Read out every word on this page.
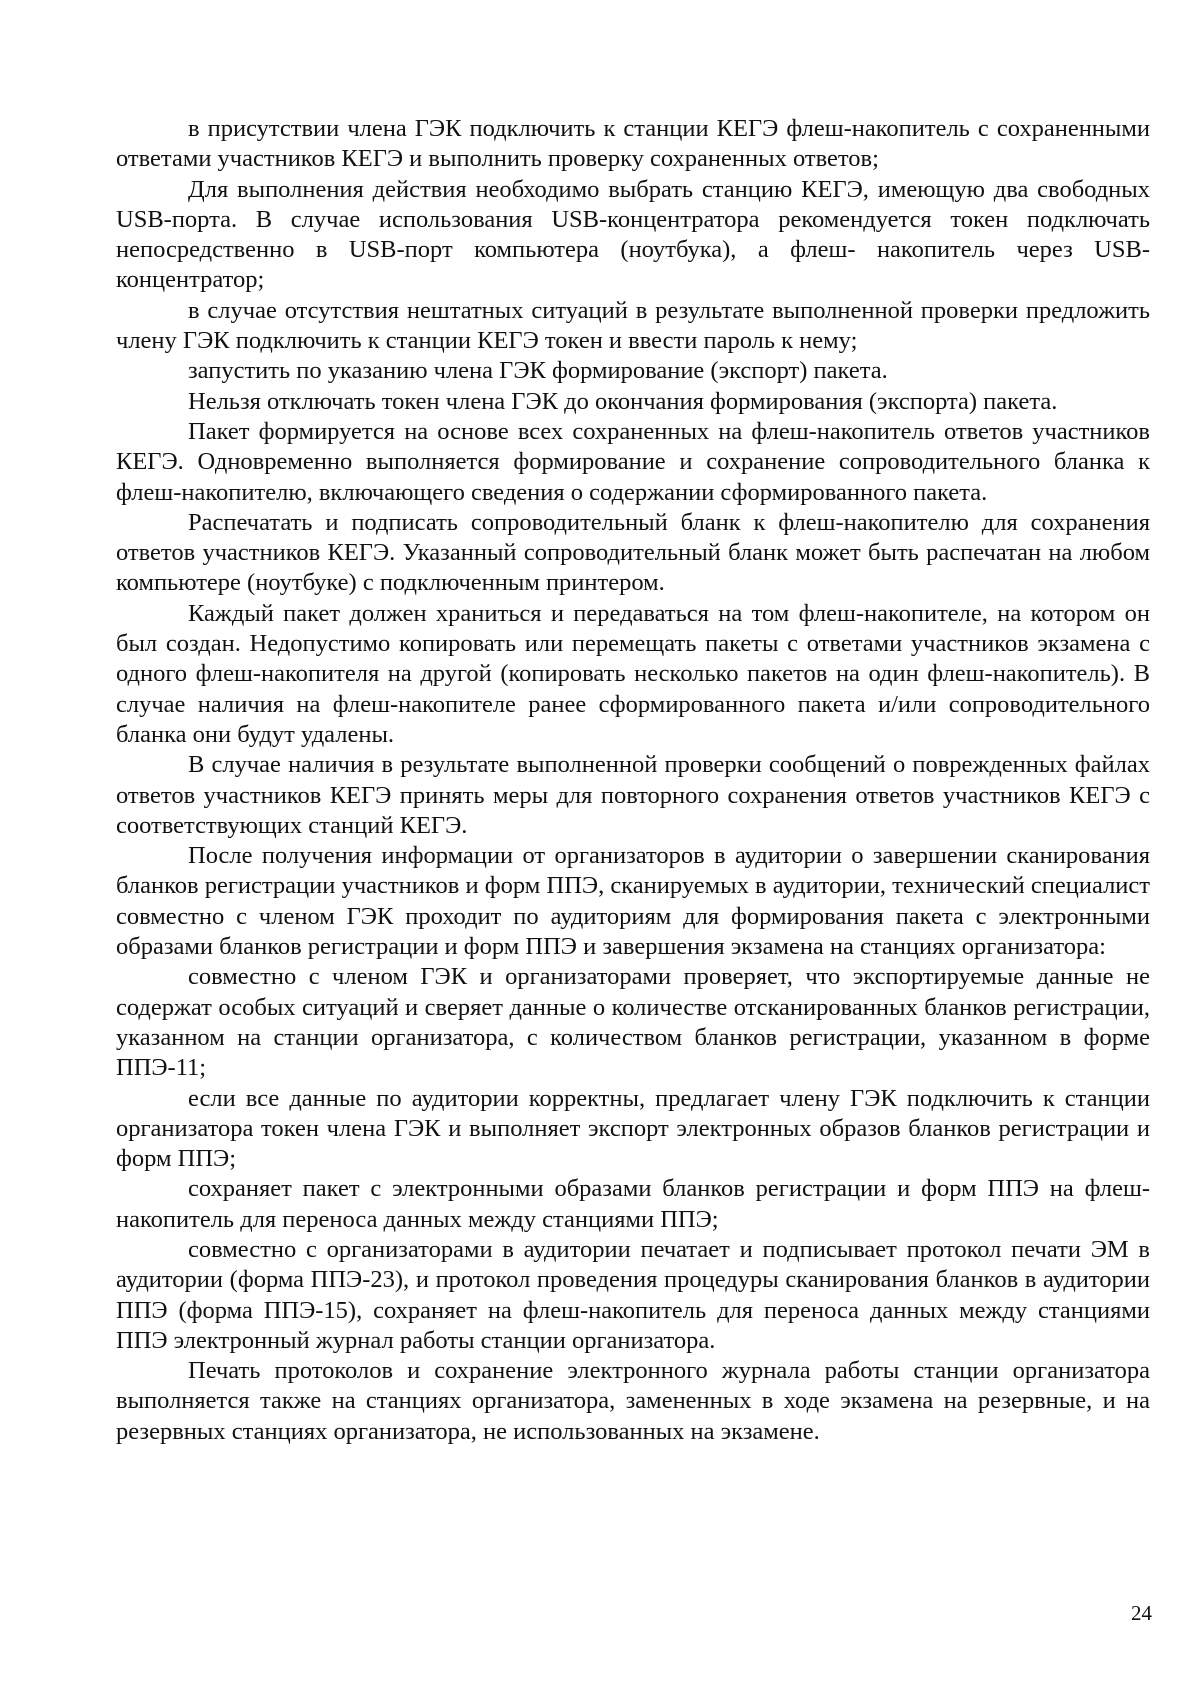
в присутствии члена ГЭК подключить к станции КЕГЭ флеш-накопитель с сохраненными ответами участников КЕГЭ и выполнить проверку сохраненных ответов;

Для выполнения действия необходимо выбрать станцию КЕГЭ, имеющую два свободных USB-порта. В случае использования USB-концентратора рекомендуется токен подключать непосредственно в USB-порт компьютера (ноутбука), а флеш- накопитель через USB-концентратор;

в случае отсутствия нештатных ситуаций в результате выполненной проверки предложить члену ГЭК подключить к станции КЕГЭ токен и ввести пароль к нему;

запустить по указанию члена ГЭК формирование (экспорт) пакета.

Нельзя отключать токен члена ГЭК до окончания формирования (экспорта) пакета.

Пакет формируется на основе всех сохраненных на флеш-накопитель ответов участников КЕГЭ. Одновременно выполняется формирование и сохранение сопроводительного бланка к флеш-накопителю, включающего сведения о содержании сформированного пакета.

Распечатать и подписать сопроводительный бланк к флеш-накопителю для сохранения ответов участников КЕГЭ. Указанный сопроводительный бланк может быть распечатан на любом компьютере (ноутбуке) с подключенным принтером.

Каждый пакет должен храниться и передаваться на том флеш-накопителе, на котором он был создан. Недопустимо копировать или перемещать пакеты с ответами участников экзамена с одного флеш-накопителя на другой (копировать несколько пакетов на один флеш-накопитель). В случае наличия на флеш-накопителе ранее сформированного пакета и/или сопроводительного бланка они будут удалены.

В случае наличия в результате выполненной проверки сообщений о поврежденных файлах ответов участников КЕГЭ принять меры для повторного сохранения ответов участников КЕГЭ с соответствующих станций КЕГЭ.

После получения информации от организаторов в аудитории о завершении сканирования бланков регистрации участников и форм ППЭ, сканируемых в аудитории, технический специалист совместно с членом ГЭК проходит по аудиториям для формирования пакета с электронными образами бланков регистрации и форм ППЭ и завершения экзамена на станциях организатора:

совместно с членом ГЭК и организаторами проверяет, что экспортируемые данные не содержат особых ситуаций и сверяет данные о количестве отсканированных бланков регистрации, указанном на станции организатора, с количеством бланков регистрации, указанном в форме ППЭ-11;

если все данные по аудитории корректны, предлагает члену ГЭК подключить к станции организатора токен члена ГЭК и выполняет экспорт электронных образов бланков регистрации и форм ППЭ;

сохраняет пакет с электронными образами бланков регистрации и форм ППЭ на флеш-накопитель для переноса данных между станциями ППЭ;

совместно с организаторами в аудитории печатает и подписывает протокол печати ЭМ в аудитории (форма ППЭ-23), и протокол проведения процедуры сканирования бланков в аудитории ППЭ (форма ППЭ-15), сохраняет на флеш-накопитель для переноса данных между станциями ППЭ электронный журнал работы станции организатора.

Печать протоколов и сохранение электронного журнала работы станции организатора выполняется также на станциях организатора, замененных в ходе экзамена на резервные, и на резервных станциях организатора, не использованных на экзамене.

24
